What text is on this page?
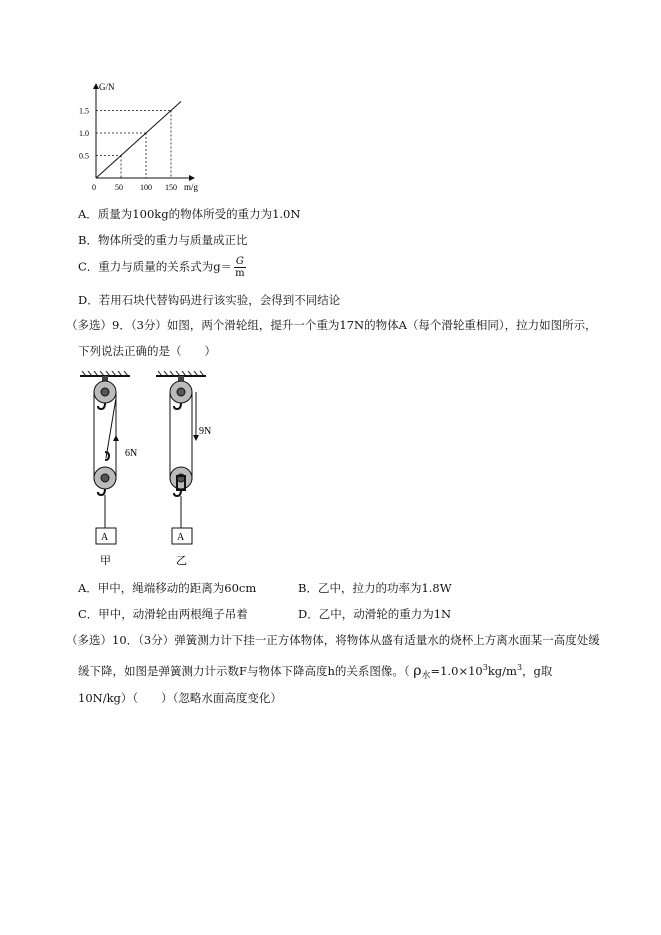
G/N
m/g
0
0.5
50
1.0
100
1.5
150
A．质量为100kg的物体所受的重力为1.0N
B．物体所受的重力与质量成正比
C．重力与质量的关系式为$g= \frac{G}{m}$
D．若用石块代替钩码进行该实验，会得到不同结论
（多选）9．（3分）如图，两个滑轮组，提升一个重为17N的物体A（每个滑轮重相同），拉力如图所示，
下列说法正确的是（　　）
6N
A
甲
9N
A
乙
A．甲中，绳端移动的距离为60cm	B．乙中，拉力的功率为1.8W
C．甲中，动滑轮由两根绳子吊着	D．乙中，动滑轮的重力为1N
（多选）10．（3分）弹簧测力计下挂一正方体物体，将物体从盛有适量水的烧杯上方离水面某一高度处缓
缓下降，如图是弹簧测力计示数F与物体下降高度h的关系图像。（ $\rho_水=1.0\times 10^3kg/m^3$，g取
10N/kg）（　　）（忽略水面高度变化）
